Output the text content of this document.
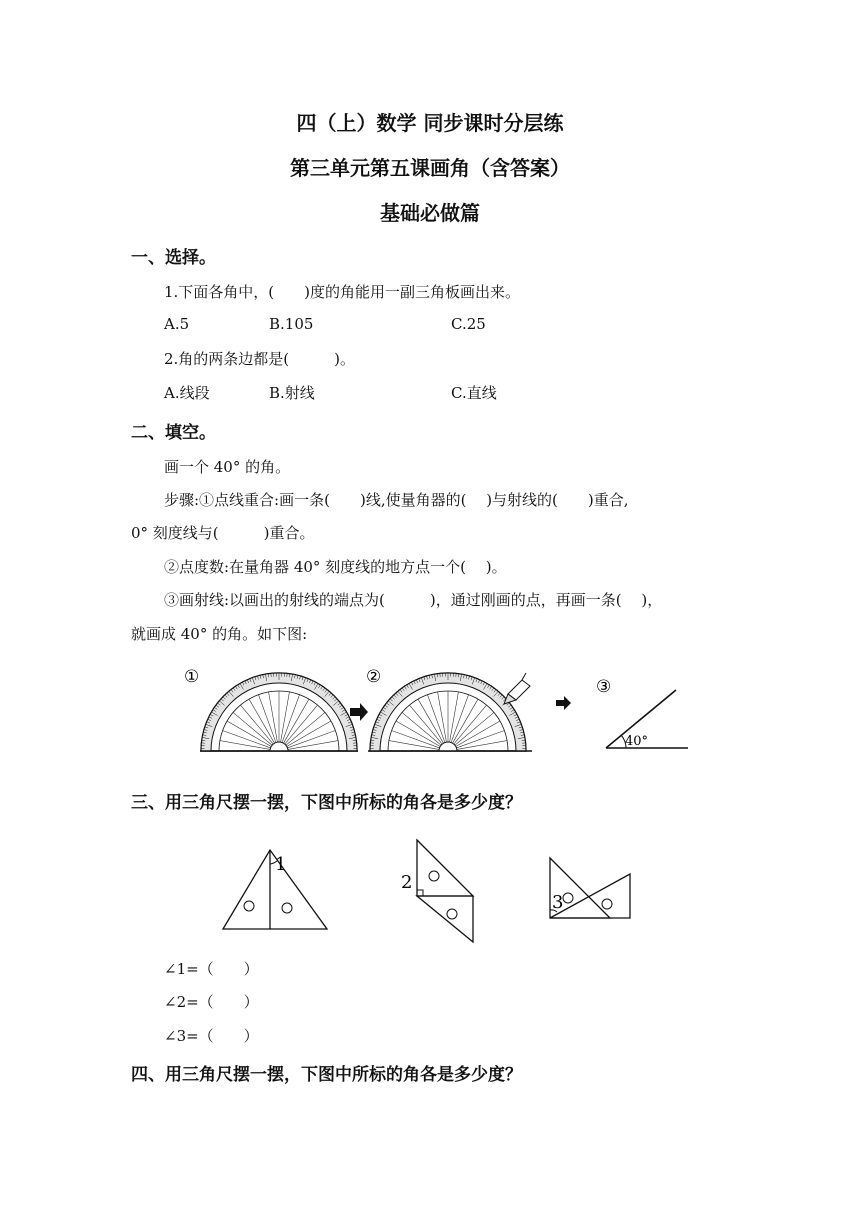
四（上）数学 同步课时分层练
第三单元第五课画角（含答案）
基础必做篇
一、选择。
1.下面各角中，(　　)度的角能用一副三角板画出来。
A.5	B.105	C.25
2.角的两条边都是(　　　)。
A.线段	B.射线	C.直线
二、填空。
画一个 40° 的角。
步骤:①点线重合:画一条(　　)线,使量角器的(　 )与射线的(　　)重合,
0° 刻度线与(　　　)重合。
②点度数:在量角器 40° 刻度线的地方点一个(　 )。
③画射线:以画出的射线的端点为(　　　)，通过刚画的点，再画一条(　 )，
就画成 40° 的角。如下图:
①	②	③
40°
三、用三角尺摆一摆，下图中所标的角各是多少度？
1
2
3
∠1=（　　）
∠2=（　　）
∠3=（　　）
四、用三角尺摆一摆，下图中所标的角各是多少度？
